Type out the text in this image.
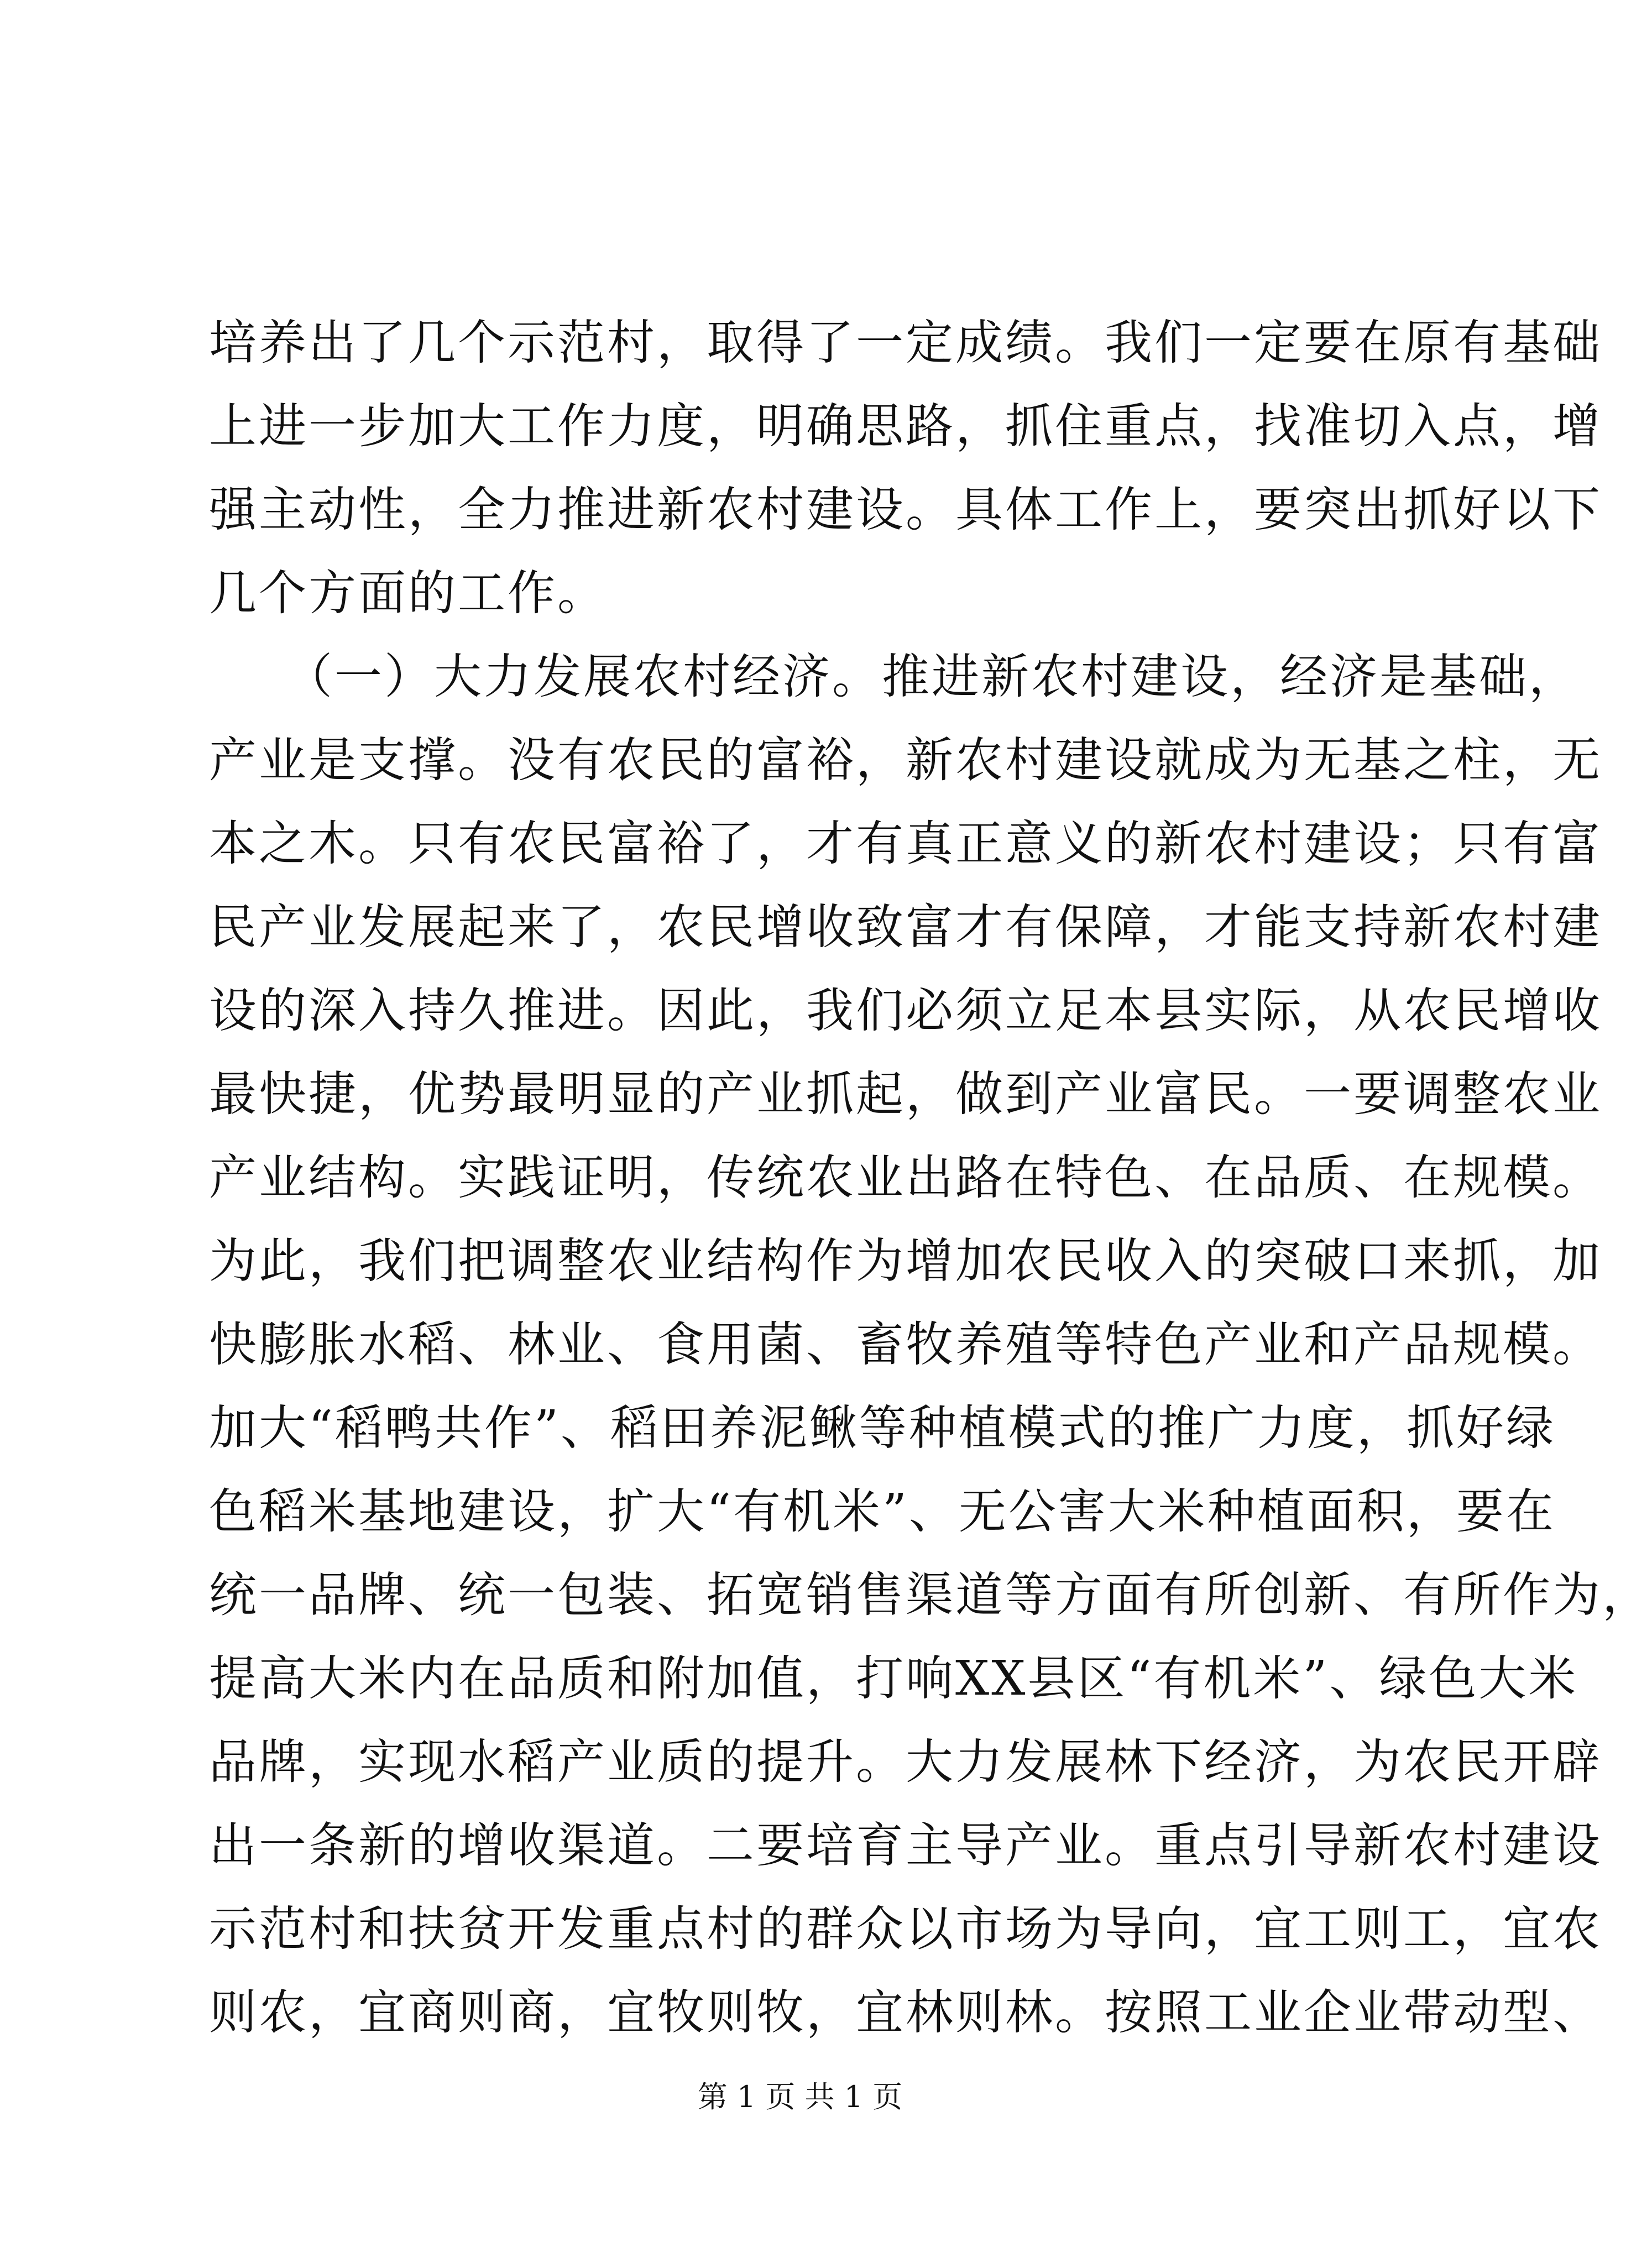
培养出了几个示范村，取得了一定成绩。我们一定要在原有基础
上进一步加大工作力度，明确思路，抓住重点，找准切入点，增
强主动性，全力推进新农村建设。具体工作上，要突出抓好以下
几个方面的工作。
　　（一）大力发展农村经济。推进新农村建设，经济是基础，
产业是支撑。没有农民的富裕，新农村建设就成为无基之柱，无
本之木。只有农民富裕了，才有真正意义的新农村建设；只有富
民产业发展起来了，农民增收致富才有保障，才能支持新农村建
设的深入持久推进。因此，我们必须立足本县实际，从农民增收
最快捷，优势最明显的产业抓起，做到产业富民。一要调整农业
产业结构。实践证明，传统农业出路在特色、在品质、在规模。
为此，我们把调整农业结构作为增加农民收入的突破口来抓，加
快膨胀水稻、林业、食用菌、畜牧养殖等特色产业和产品规模。
加大“稻鸭共作”、稻田养泥鳅等种植模式的推广力度，抓好绿
色稻米基地建设，扩大“有机米”、无公害大米种植面积，要在
统一品牌、统一包装、拓宽销售渠道等方面有所创新、有所作为，
提高大米内在品质和附加值，打响XX县区“有机米”、绿色大米
品牌，实现水稻产业质的提升。大力发展林下经济，为农民开辟
出一条新的增收渠道。二要培育主导产业。重点引导新农村建设
示范村和扶贫开发重点村的群众以市场为导向，宜工则工，宜农
则农，宜商则商，宜牧则牧，宜林则林。按照工业企业带动型、
第 1 页 共 1 页
